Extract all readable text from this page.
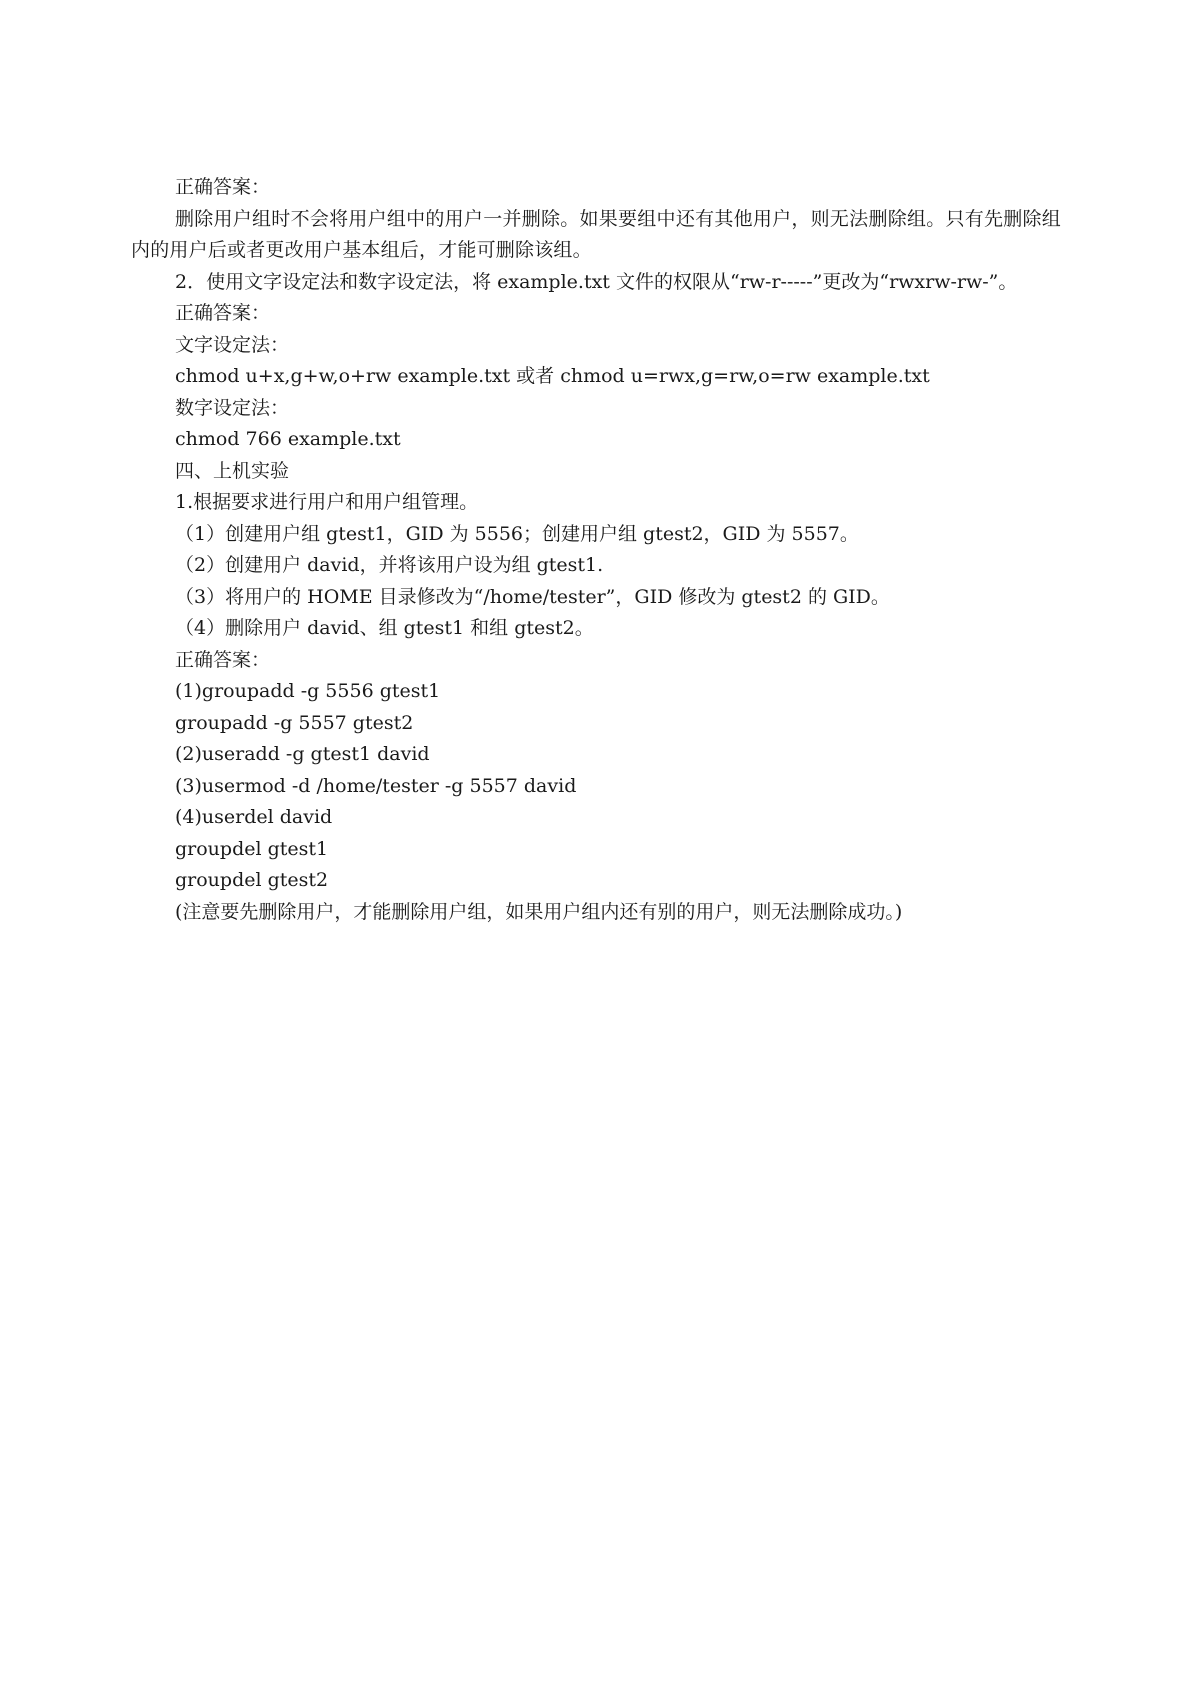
正确答案：
删除用户组时不会将用户组中的用户一并删除。如果要组中还有其他用户，则无法删除组。只有先删除组内的用户后或者更改用户基本组后，才能可删除该组。
2．使用文字设定法和数字设定法，将 example.txt 文件的权限从“rw-r-----”更改为“rwxrw-rw-”。
正确答案：
文字设定法：
chmod u+x,g+w,o+rw example.txt 或者 chmod u=rwx,g=rw,o=rw example.txt
数字设定法：
chmod 766 example.txt
四、上机实验
1.根据要求进行用户和用户组管理。
（1）创建用户组 gtest1，GID 为 5556；创建用户组 gtest2，GID 为 5557。
（2）创建用户 david，并将该用户设为组 gtest1.
（3）将用户的 HOME 目录修改为“/home/tester”，GID 修改为 gtest2 的 GID。
（4）删除用户 david、组 gtest1 和组 gtest2。
正确答案：
(1)groupadd -g 5556 gtest1
groupadd -g 5557 gtest2
(2)useradd -g gtest1 david
(3)usermod -d /home/tester -g 5557 david
(4)userdel david
groupdel gtest1
groupdel gtest2
(注意要先删除用户，才能删除用户组，如果用户组内还有别的用户，则无法删除成功。)
